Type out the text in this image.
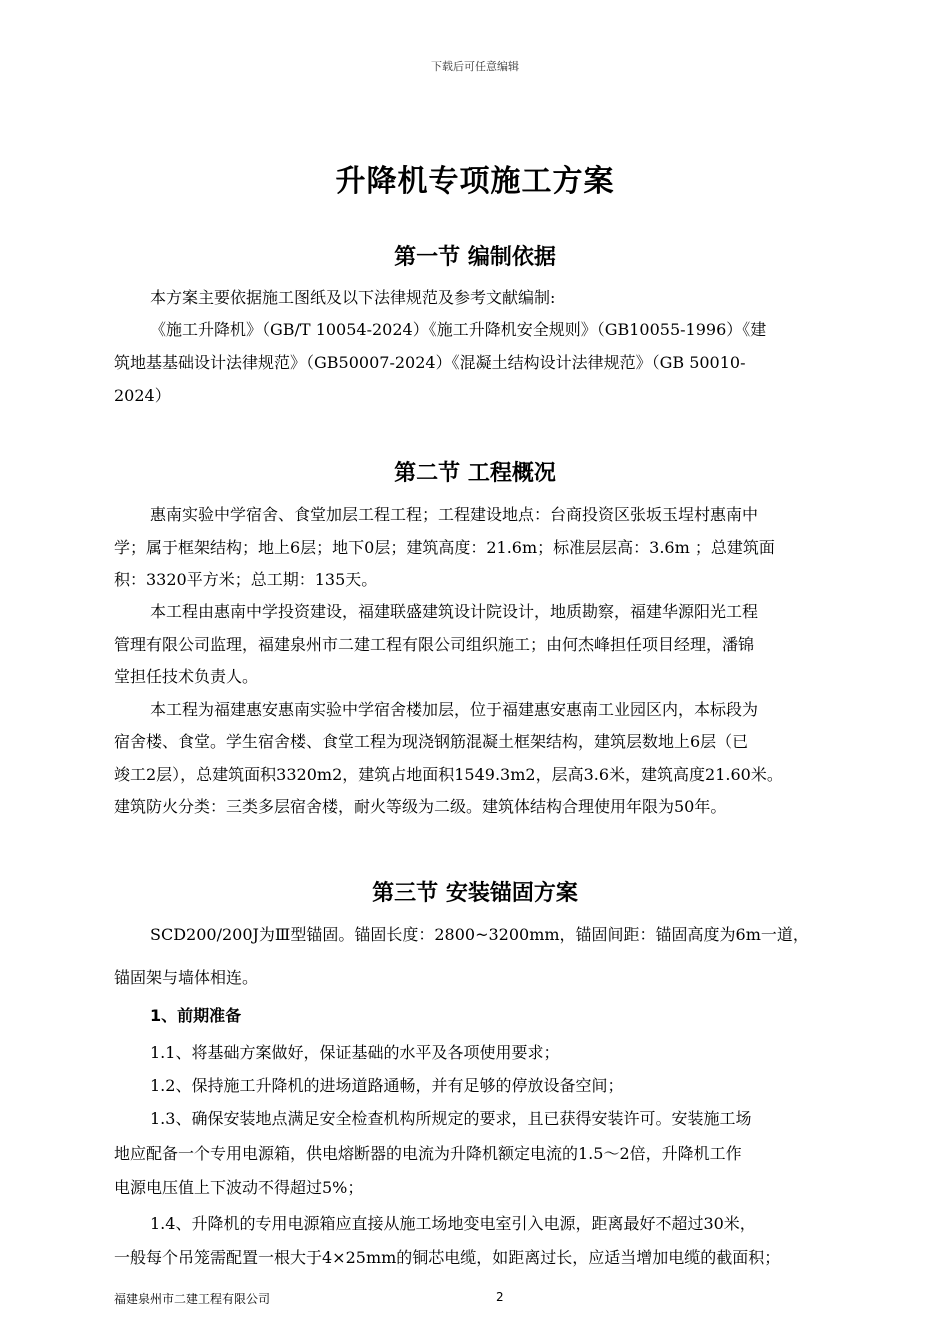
下载后可任意编辑
升降机专项施工方案
第一节 编制依据
本方案主要依据施工图纸及以下法律规范及参考文献编制:
《施工升降机》（GB/T 10054-2024）《施工升降机安全规则》（GB10055-1996）《建
筑地基基础设计法律规范》（GB50007-2024）《混凝土结构设计法律规范》（GB 50010-
2024）
第二节 工程概况
惠南实验中学宿舍、食堂加层工程工程；工程建设地点：台商投资区张坂玉埕村惠南中
学；属于框架结构；地上6层；地下0层；建筑高度：21.6m；标准层层高：3.6m ；总建筑面
积：3320平方米；总工期：135天。
本工程由惠南中学投资建设，福建联盛建筑设计院设计，地质勘察，福建华源阳光工程
管理有限公司监理，福建泉州市二建工程有限公司组织施工；由何杰峰担任项目经理，潘锦
堂担任技术负责人。
本工程为福建惠安惠南实验中学宿舍楼加层，位于福建惠安惠南工业园区内，本标段为
宿舍楼、食堂。学生宿舍楼、食堂工程为现浇钢筋混凝土框架结构，建筑层数地上6层（已
竣工2层），总建筑面积3320m2，建筑占地面积1549.3m2，层高3.6米，建筑高度21.60米。
建筑防火分类：三类多层宿舍楼，耐火等级为二级。建筑体结构合理使用年限为50年。
第三节 安装锚固方案
SCD200/200J为Ⅲ型锚固。锚固长度：2800~3200mm，锚固间距：锚固高度为6m一道，
锚固架与墙体相连。
1、前期准备
1.1、将基础方案做好，保证基础的水平及各项使用要求；
1.2、保持施工升降机的进场道路通畅，并有足够的停放设备空间；
1.3、确保安装地点满足安全检查机构所规定的要求，且已获得安装许可。安装施工场
地应配备一个专用电源箱，供电熔断器的电流为升降机额定电流的1.5～2倍，升降机工作
电源电压值上下波动不得超过5%；
1.4、升降机的专用电源箱应直接从施工场地变电室引入电源，距离最好不超过30米，
一般每个吊笼需配置一根大于4×25mm的铜芯电缆，如距离过长，应适当增加电缆的截面积；
福建泉州市二建工程有限公司	2
